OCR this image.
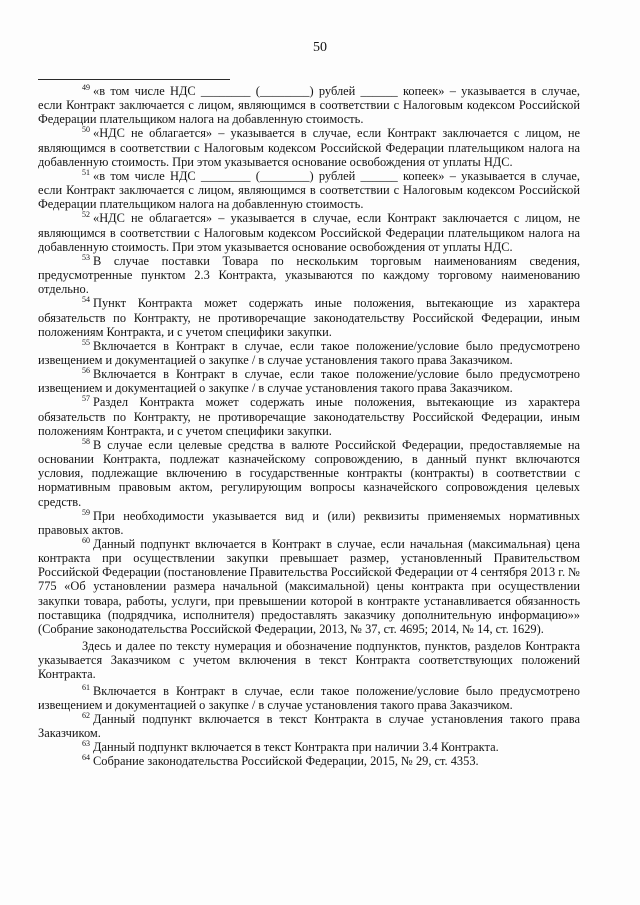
50

$^{49}$ «в том числе НДС ________ (________) рублей ______ копеек» – указывается в случае, если Контракт заключается с лицом, являющимся в соответствии с Налоговым кодексом Российской Федерации плательщиком налога на добавленную стоимость.

$^{50}$ «НДС не облагается» – указывается в случае, если Контракт заключается с лицом, не являющимся в соответствии с Налоговым кодексом Российской Федерации плательщиком налога на добавленную стоимость. При этом указывается основание освобождения от уплаты НДС.

$^{51}$ «в том числе НДС ________ (________) рублей ______ копеек» – указывается в случае, если Контракт заключается с лицом, являющимся в соответствии с Налоговым кодексом Российской Федерации плательщиком налога на добавленную стоимость.

$^{52}$ «НДС не облагается» – указывается в случае, если Контракт заключается с лицом, не являющимся в соответствии с Налоговым кодексом Российской Федерации плательщиком налога на добавленную стоимость. При этом указывается основание освобождения от уплаты НДС.

$^{53}$ В случае поставки Товара по нескольким торговым наименованиям сведения, предусмотренные пунктом 2.3 Контракта, указываются по каждому торговому наименованию отдельно.

$^{54}$ Пункт Контракта может содержать иные положения, вытекающие из характера обязательств по Контракту, не противоречащие законодательству Российской Федерации, иным положениям Контракта, и с учетом специфики закупки.

$^{55}$ Включается в Контракт в случае, если такое положение/условие было предусмотрено извещением и документацией о закупке / в случае установления такого права Заказчиком.

$^{56}$ Включается в Контракт в случае, если такое положение/условие было предусмотрено извещением и документацией о закупке / в случае установления такого права Заказчиком.

$^{57}$ Раздел Контракта может содержать иные положения, вытекающие из характера обязательств по Контракту, не противоречащие законодательству Российской Федерации, иным положениям Контракта, и с учетом специфики закупки.

$^{58}$ В случае если целевые средства в валюте Российской Федерации, предоставляемые на основании Контракта, подлежат казначейскому сопровождению, в данный пункт включаются условия, подлежащие включению в государственные контракты (контракты) в соответствии с нормативным правовым актом, регулирующим вопросы казначейского сопровождения целевых средств.

$^{59}$ При необходимости указывается вид и (или) реквизиты применяемых нормативных правовых актов.

$^{60}$ Данный подпункт включается в Контракт в случае, если начальная (максимальная) цена контракта при осуществлении закупки превышает размер, установленный Правительством Российской Федерации (постановление Правительства Российской Федерации от 4 сентября 2013 г. № 775 «Об установлении размера начальной (максимальной) цены контракта при осуществлении закупки товара, работы, услуги, при превышении которой в контракте устанавливается обязанность поставщика (подрядчика, исполнителя) предоставлять заказчику дополнительную информацию»» (Собрание законодательства Российской Федерации, 2013, № 37, ст. 4695; 2014, № 14, ст. 1629).

Здесь и далее по тексту нумерация и обозначение подпунктов, пунктов, разделов Контракта указывается Заказчиком с учетом включения в текст Контракта соответствующих положений Контракта.

$^{61}$ Включается в Контракт в случае, если такое положение/условие было предусмотрено извещением и документацией о закупке / в случае установления такого права Заказчиком.

$^{62}$ Данный подпункт включается в текст Контракта в случае установления такого права Заказчиком.

$^{63}$ Данный подпункт включается в текст Контракта при наличии 3.4 Контракта.

$^{64}$ Собрание законодательства Российской Федерации, 2015, № 29, ст. 4353.
